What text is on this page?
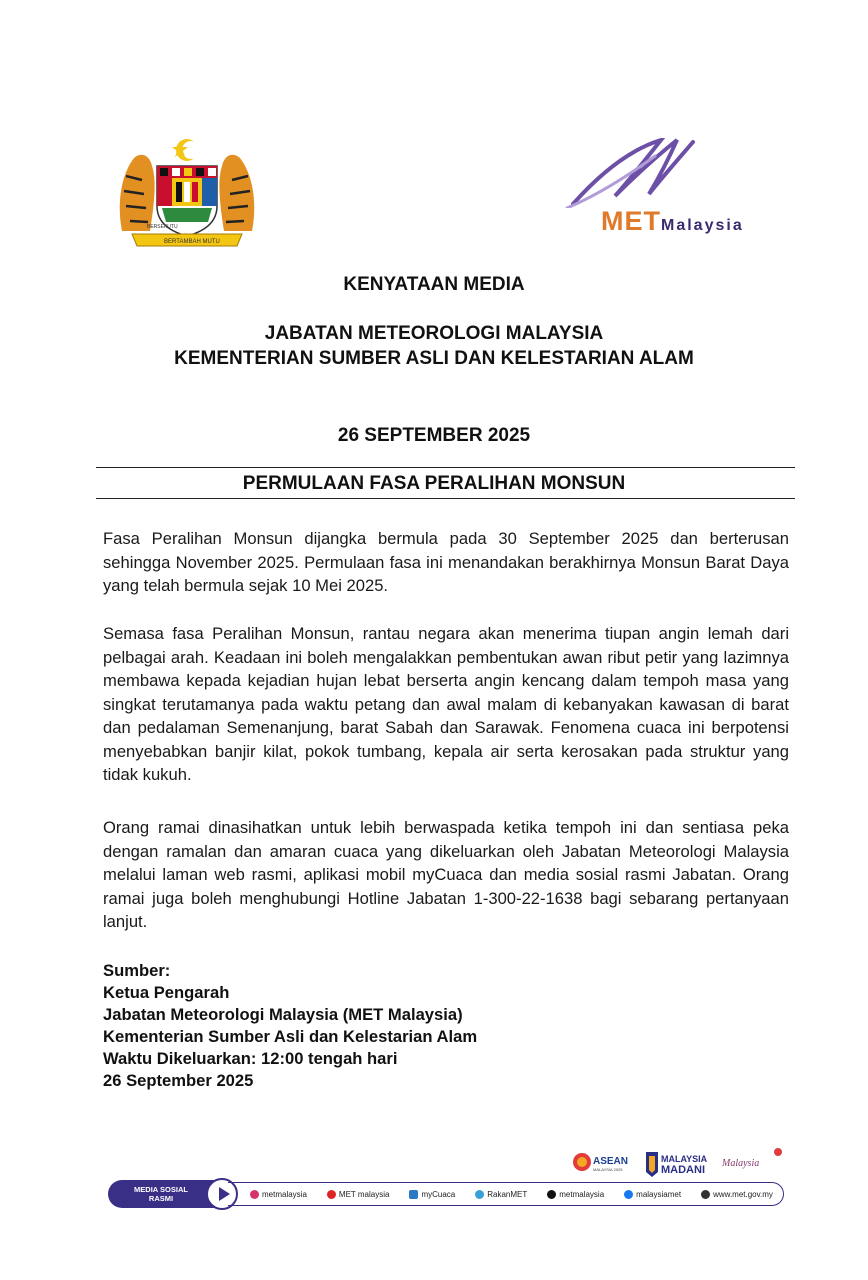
BERSEKUTU
BERTAMBAH MUTU
METMalaysia
KENYATAAN MEDIA
JABATAN METEOROLOGI MALAYSIA
KEMENTERIAN SUMBER ASLI DAN KELESTARIAN ALAM
26 SEPTEMBER 2025
PERMULAAN FASA PERALIHAN MONSUN
Fasa Peralihan Monsun dijangka bermula pada 30 September 2025 dan berterusan sehingga November 2025. Permulaan fasa ini menandakan berakhirnya Monsun Barat Daya yang telah bermula sejak 10 Mei 2025.
Semasa fasa Peralihan Monsun, rantau negara akan menerima tiupan angin lemah dari pelbagai arah. Keadaan ini boleh mengalakkan pembentukan awan ribut petir yang lazimnya membawa kepada kejadian hujan lebat berserta angin kencang dalam tempoh masa yang singkat terutamanya pada waktu petang dan awal malam di kebanyakan kawasan di barat dan pedalaman Semenanjung, barat Sabah dan Sarawak. Fenomena cuaca ini berpotensi menyebabkan banjir kilat, pokok tumbang, kepala air serta kerosakan pada struktur yang tidak kukuh.
Orang ramai dinasihatkan untuk lebih berwaspada ketika tempoh ini dan sentiasa peka dengan ramalan dan amaran cuaca yang dikeluarkan oleh Jabatan Meteorologi Malaysia melalui laman web rasmi, aplikasi mobil myCuaca dan media sosial rasmi Jabatan. Orang ramai juga boleh menghubungi Hotline Jabatan 1-300-22-1638 bagi sebarang pertanyaan lanjut.
Sumber:
Ketua Pengarah
Jabatan Meteorologi Malaysia (MET Malaysia)
Kementerian Sumber Asli dan Kelestarian Alam
Waktu Dikeluarkan: 12:00 tengah hari
26 September 2025
ASEAN
MALAYSIA 2025
MALAYSIA
MADANI
Malaysia
MEDIA SOSIAL
RASMI	metmalaysia	MET malaysia	myCuaca	RakanMET	metmalaysia	malaysiamet	www.met.gov.my
